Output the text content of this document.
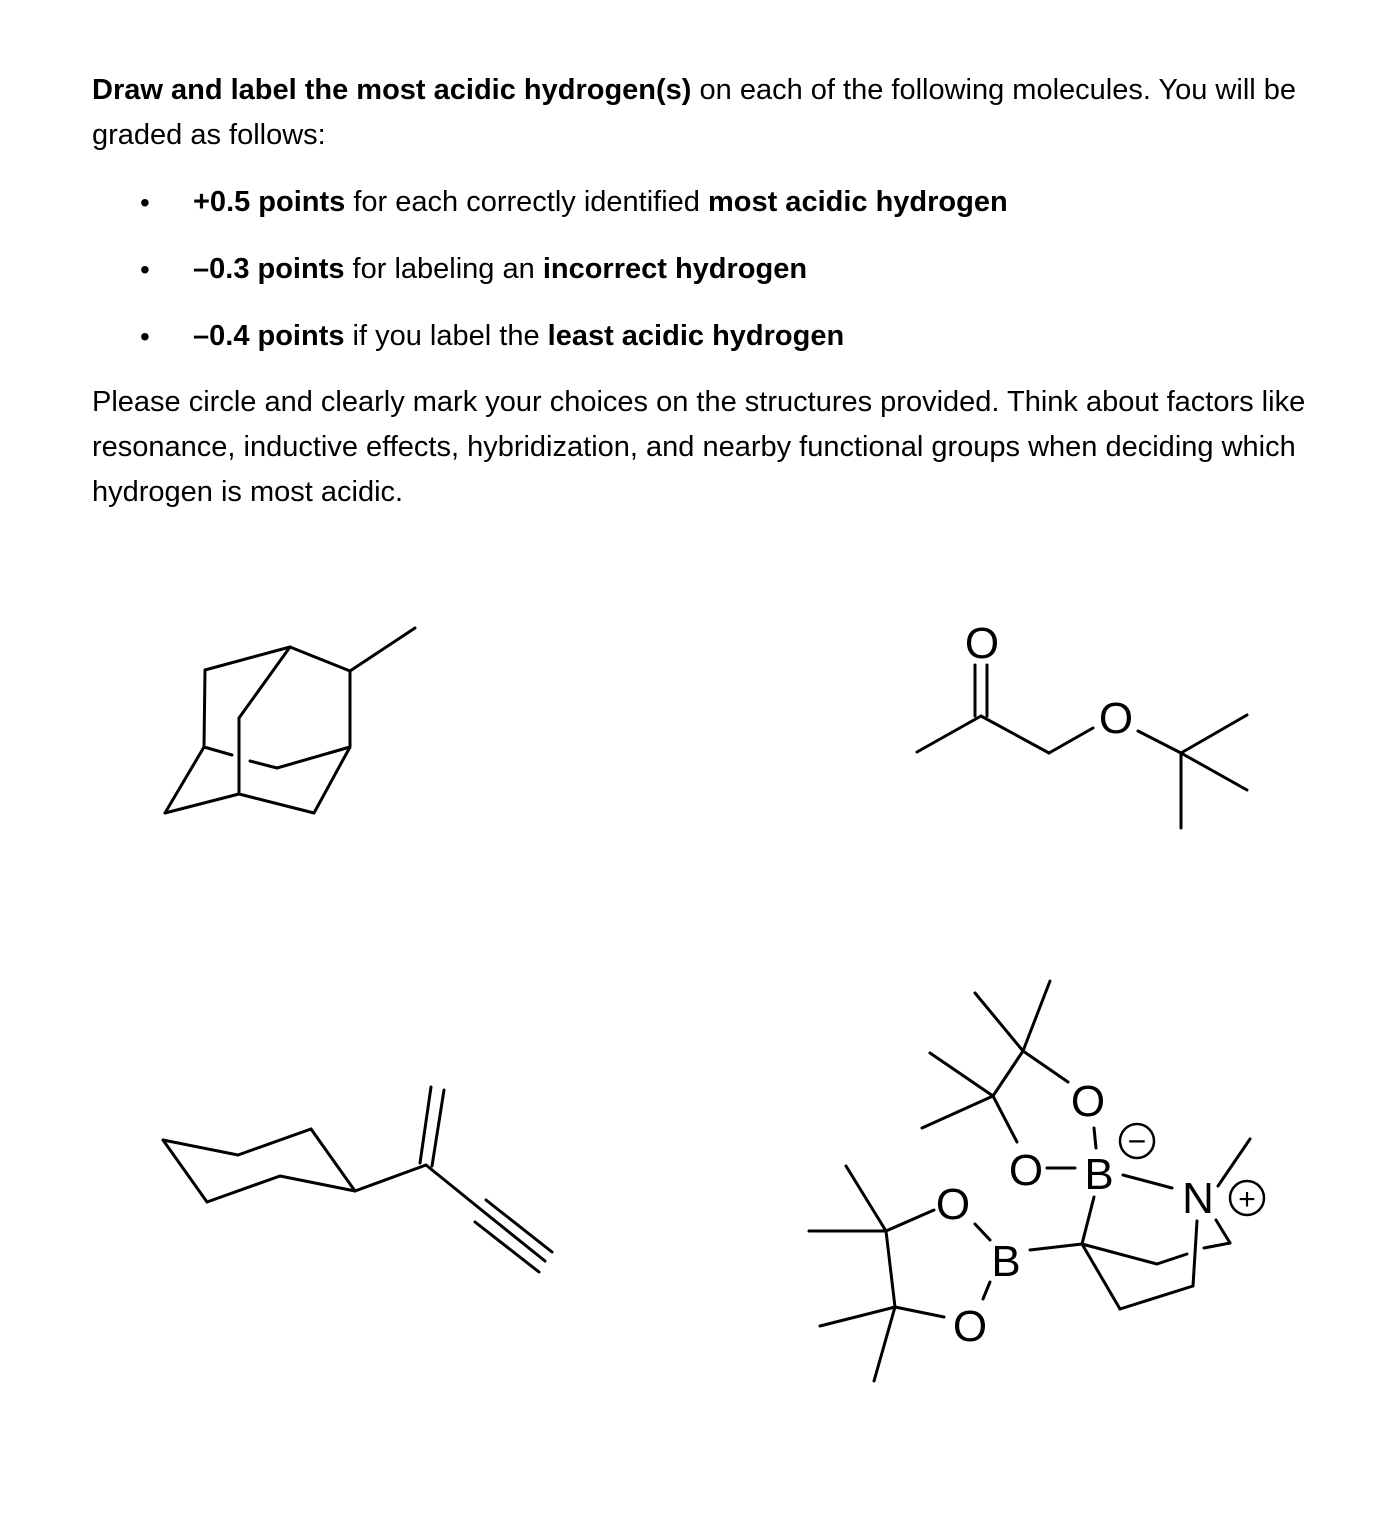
Draw and label the most acidic hydrogen(s) on each of the following molecules. You will be graded as follows:

•	+0.5 points for each correctly identified most acidic hydrogen
•	–0.3 points for labeling an incorrect hydrogen
•	–0.4 points if you label the least acidic hydrogen

Please circle and clearly mark your choices on the structures provided. Think about factors like resonance, inductive effects, hybridization, and nearby functional groups when deciding which hydrogen is most acidic.

O
O
O
O B N
O
B
O
−
+
